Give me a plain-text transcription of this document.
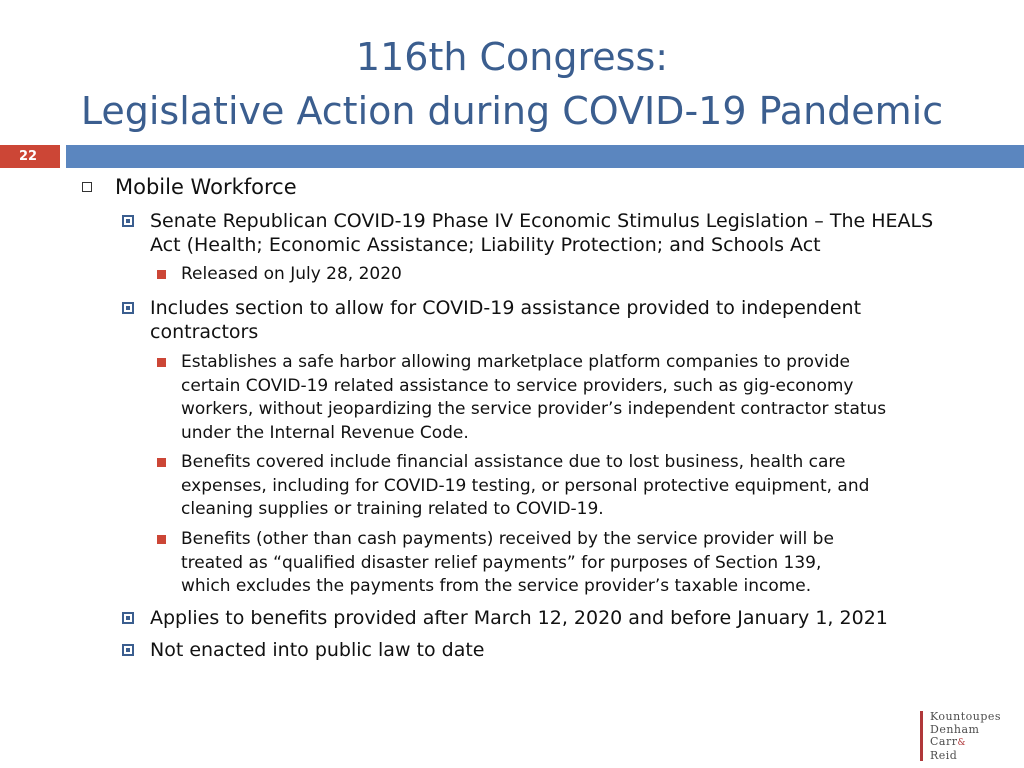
116th Congress:
Legislative Action during COVID-19 Pandemic
22
Mobile Workforce
Senate Republican COVID-19 Phase IV Economic Stimulus Legislation – The HEALS
Act (Health; Economic Assistance; Liability Protection; and Schools Act
Released on July 28, 2020
Includes section to allow for COVID-19 assistance provided to independent
contractors
Establishes a safe harbor allowing marketplace platform companies to provide
certain COVID-19 related assistance to service providers, such as gig-economy
workers, without jeopardizing the service provider’s independent contractor status
under the Internal Revenue Code.
Benefits covered include financial assistance due to lost business, health care
expenses, including for COVID-19 testing, or personal protective equipment, and
cleaning supplies or training related to COVID-19.
Benefits (other than cash payments) received by the service provider will be
treated as “qualified disaster relief payments” for purposes of Section 139,
which excludes the payments from the service provider’s taxable income.
Applies to benefits provided after March 12, 2020 and before January 1, 2021
Not enacted into public law to date
Kountoupes
Denham
Carr&
Reid
